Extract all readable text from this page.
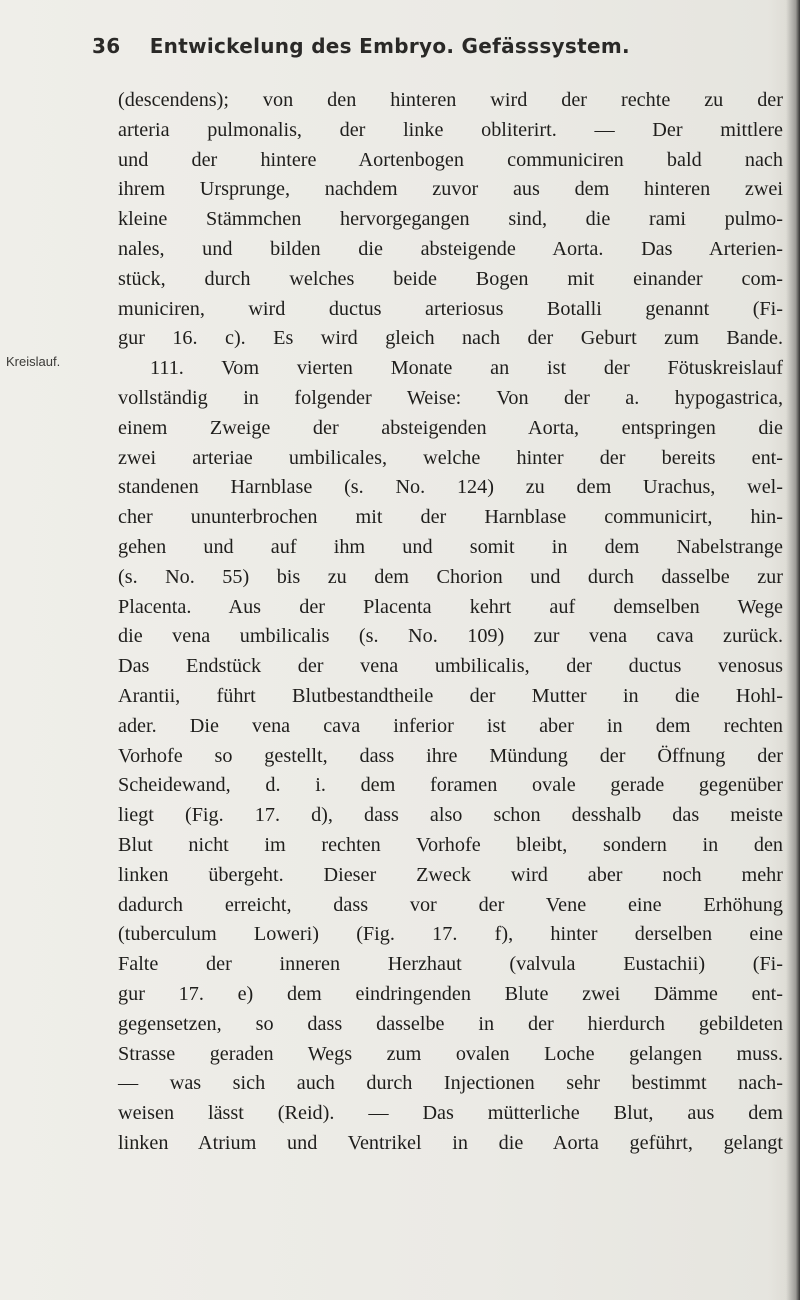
36 Entwickelung des Embryo. Gefässsystem.
Kreislauf.
(descendens); von den hinteren wird der rechte zu der
arteria pulmonalis, der linke obliterirt. — Der mittlere
und der hintere Aortenbogen communiciren bald nach
ihrem Ursprunge, nachdem zuvor aus dem hinteren zwei
kleine Stämmchen hervorgegangen sind, die rami pulmo-
nales, und bilden die absteigende Aorta. Das Arterien-
stück, durch welches beide Bogen mit einander com-
municiren, wird ductus arteriosus Botalli genannt (Fi-
gur 16. c). Es wird gleich nach der Geburt zum Bande.
111. Vom vierten Monate an ist der Fötuskreislauf
vollständig in folgender Weise: Von der a. hypogastrica,
einem Zweige der absteigenden Aorta, entspringen die
zwei arteriae umbilicales, welche hinter der bereits ent-
standenen Harnblase (s. No. 124) zu dem Urachus, wel-
cher ununterbrochen mit der Harnblase communicirt, hin-
gehen und auf ihm und somit in dem Nabelstrange
(s. No. 55) bis zu dem Chorion und durch dasselbe zur
Placenta. Aus der Placenta kehrt auf demselben Wege
die vena umbilicalis (s. No. 109) zur vena cava zurück.
Das Endstück der vena umbilicalis, der ductus venosus
Arantii, führt Blutbestandtheile der Mutter in die Hohl-
ader. Die vena cava inferior ist aber in dem rechten
Vorhofe so gestellt, dass ihre Mündung der Öffnung der
Scheidewand, d. i. dem foramen ovale gerade gegenüber
liegt (Fig. 17. d), dass also schon desshalb das meiste
Blut nicht im rechten Vorhofe bleibt, sondern in den
linken übergeht. Dieser Zweck wird aber noch mehr
dadurch erreicht, dass vor der Vene eine Erhöhung
(tuberculum Loweri) (Fig. 17. f), hinter derselben eine
Falte der inneren Herzhaut (valvula Eustachii) (Fi-
gur 17. e) dem eindringenden Blute zwei Dämme ent-
gegensetzen, so dass dasselbe in der hierdurch gebildeten
Strasse geraden Wegs zum ovalen Loche gelangen muss.
— was sich auch durch Injectionen sehr bestimmt nach-
weisen lässt (Reid). — Das mütterliche Blut, aus dem
linken Atrium und Ventrikel in die Aorta geführt, gelangt
